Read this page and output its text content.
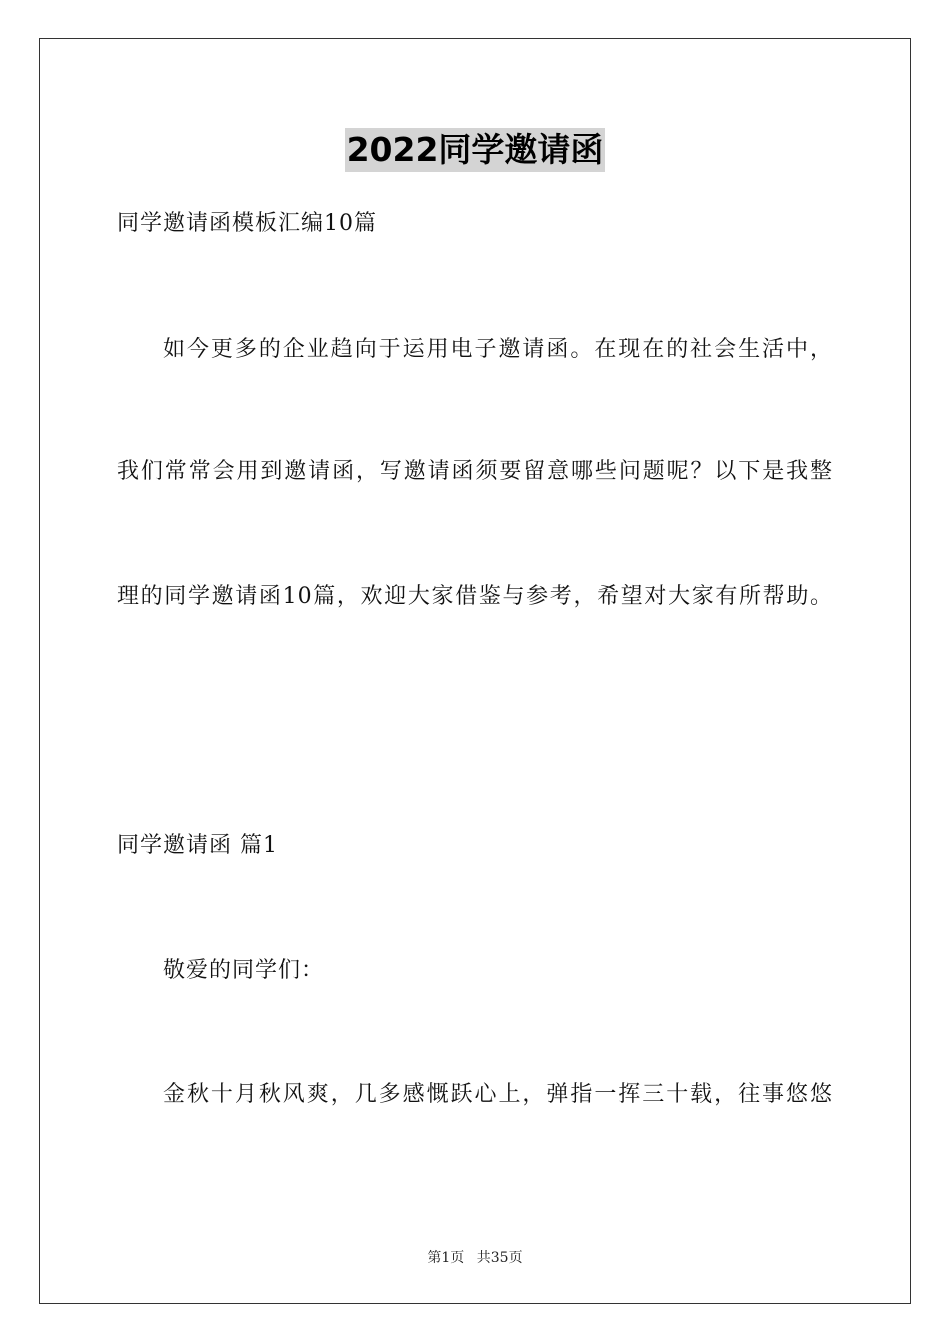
2022同学邀请函
同学邀请函模板汇编10篇
如今更多的企业趋向于运用电子邀请函。在现在的社会生活中，
我们常常会用到邀请函，写邀请函须要留意哪些问题呢？以下是我整
理的同学邀请函10篇，欢迎大家借鉴与参考，希望对大家有所帮助。
同学邀请函 篇1
敬爱的同学们：
金秋十月秋风爽，几多感慨跃心上，弹指一挥三十载，往事悠悠
第1页 共35页
